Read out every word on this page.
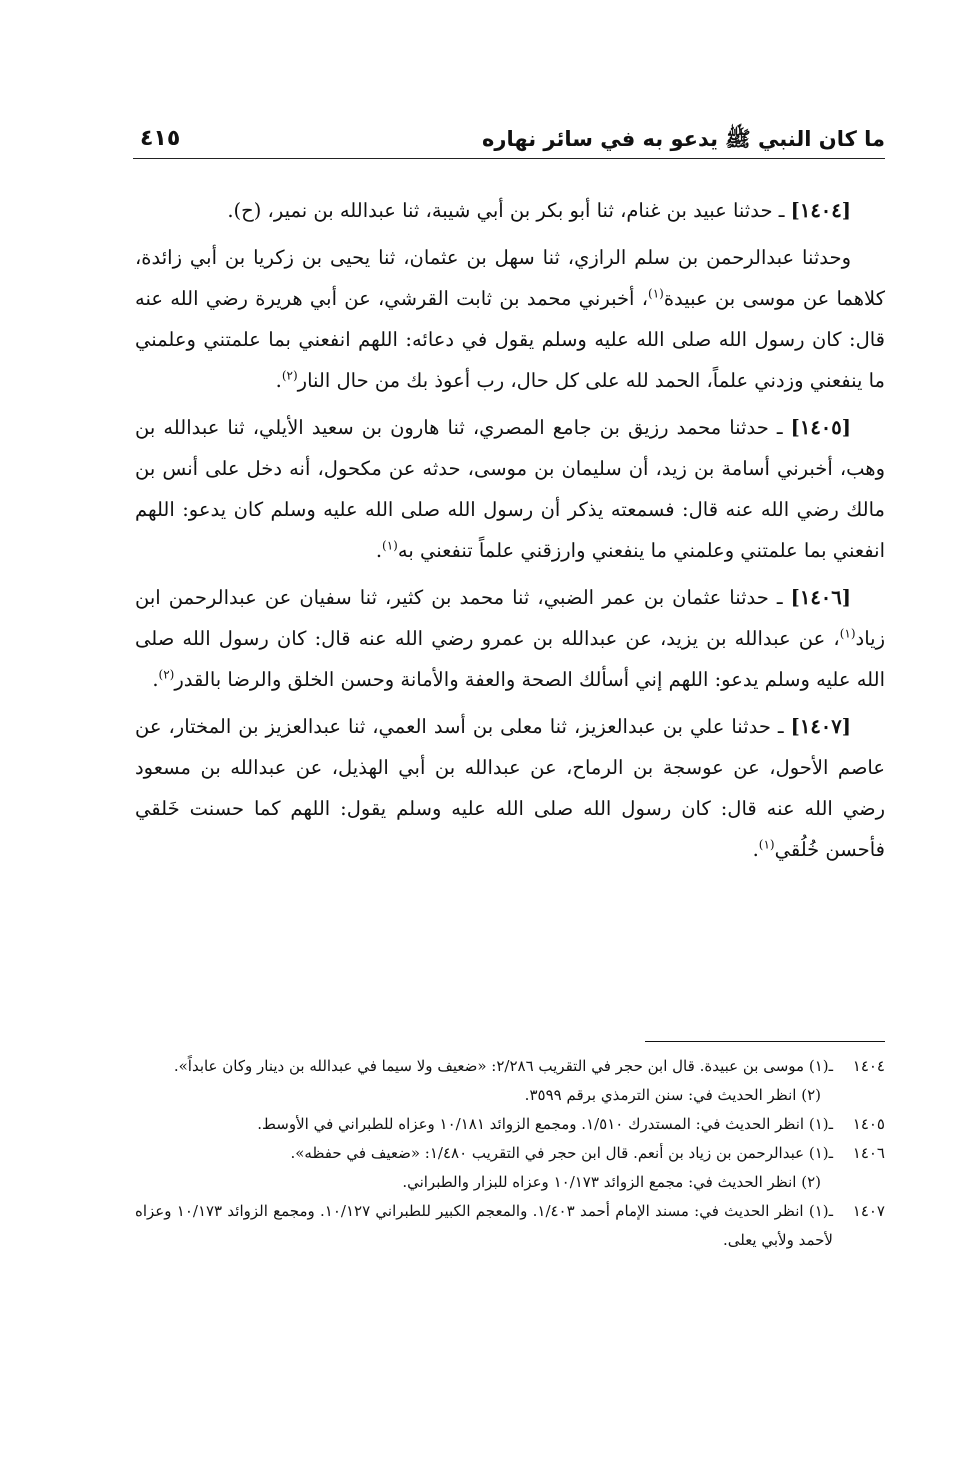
ما كان النبي ﷺ يدعو به في سائر نهاره
٤١٥

[١٤٠٤] ـ حدثنا عبيد بن غنام، ثنا أبو بكر بن أبي شيبة، ثنا عبدالله بن نمير، (ح).

وحدثنا عبدالرحمن بن سلم الرازي، ثنا سهل بن عثمان، ثنا يحيى بن زكريا بن أبي زائدة، كلاهما عن موسى بن عبيدة$^{(١)}$، أخبرني محمد بن ثابت القرشي، عن أبي هريرة رضي الله عنه قال: كان رسول الله صلى الله عليه وسلم يقول في دعائه: اللهم انفعني بما علمتني وعلمني ما ينفعني وزدني علماً، الحمد لله على كل حال، رب أعوذ بك من حال النار$^{(٢)}$.

[١٤٠٥] ـ حدثنا محمد رزيق بن جامع المصري، ثنا هارون بن سعيد الأيلي، ثنا عبدالله بن وهب، أخبرني أسامة بن زيد، أن سليمان بن موسى، حدثه عن مكحول، أنه دخل على أنس بن مالك رضي الله عنه قال: فسمعته يذكر أن رسول الله صلى الله عليه وسلم كان يدعو: اللهم انفعني بما علمتني وعلمني ما ينفعني وارزقني علماً تنفعني به$^{(١)}$.

[١٤٠٦] ـ حدثنا عثمان بن عمر الضبي، ثنا محمد بن كثير، ثنا سفيان عن عبدالرحمن ابن زياد$^{(١)}$، عن عبدالله بن يزيد، عن عبدالله بن عمرو رضي الله عنه قال: كان رسول الله صلى الله عليه وسلم يدعو: اللهم إني أسألك الصحة والعفة والأمانة وحسن الخلق والرضا بالقدر$^{(٢)}$.

[١٤٠٧] ـ حدثنا علي بن عبدالعزيز، ثنا معلى بن أسد العمي، ثنا عبدالعزيز بن المختار، عن عاصم الأحول، عن عوسجة بن الرماح، عن عبدالله بن أبي الهذيل، عن عبدالله بن مسعود رضي الله عنه قال: كان رسول الله صلى الله عليه وسلم يقول: اللهم كما حسنت خَلقي فأحسن خُلُقي$^{(١)}$.

١٤٠٤ـ(١) موسى بن عبيدة. قال ابن حجر في التقريب ٢/٢٨٦: «ضعيف ولا سيما في عبدالله بن دينار وكان عابداً».

(٢) انظر الحديث في: سنن الترمذي برقم ٣٥٩٩.

١٤٠٥ـ(١) انظر الحديث في: المستدرك ١/٥١٠. ومجمع الزوائد ١٠/١٨١ وعزاه للطبراني في الأوسط.

١٤٠٦ـ(١) عبدالرحمن بن زياد بن أنعم. قال ابن حجر في التقريب ١/٤٨٠: «ضعيف في حفظه».

(٢) انظر الحديث في: مجمع الزوائد ١٠/١٧٣ وعزاه للبزار والطبراني.

١٤٠٧ـ(١) انظر الحديث في: مسند الإمام أحمد ١/٤٠٣. والمعجم الكبير للطبراني ١٠/١٢٧. ومجمع الزوائد ١٠/١٧٣ وعزاه لأحمد ولأبي يعلى.
